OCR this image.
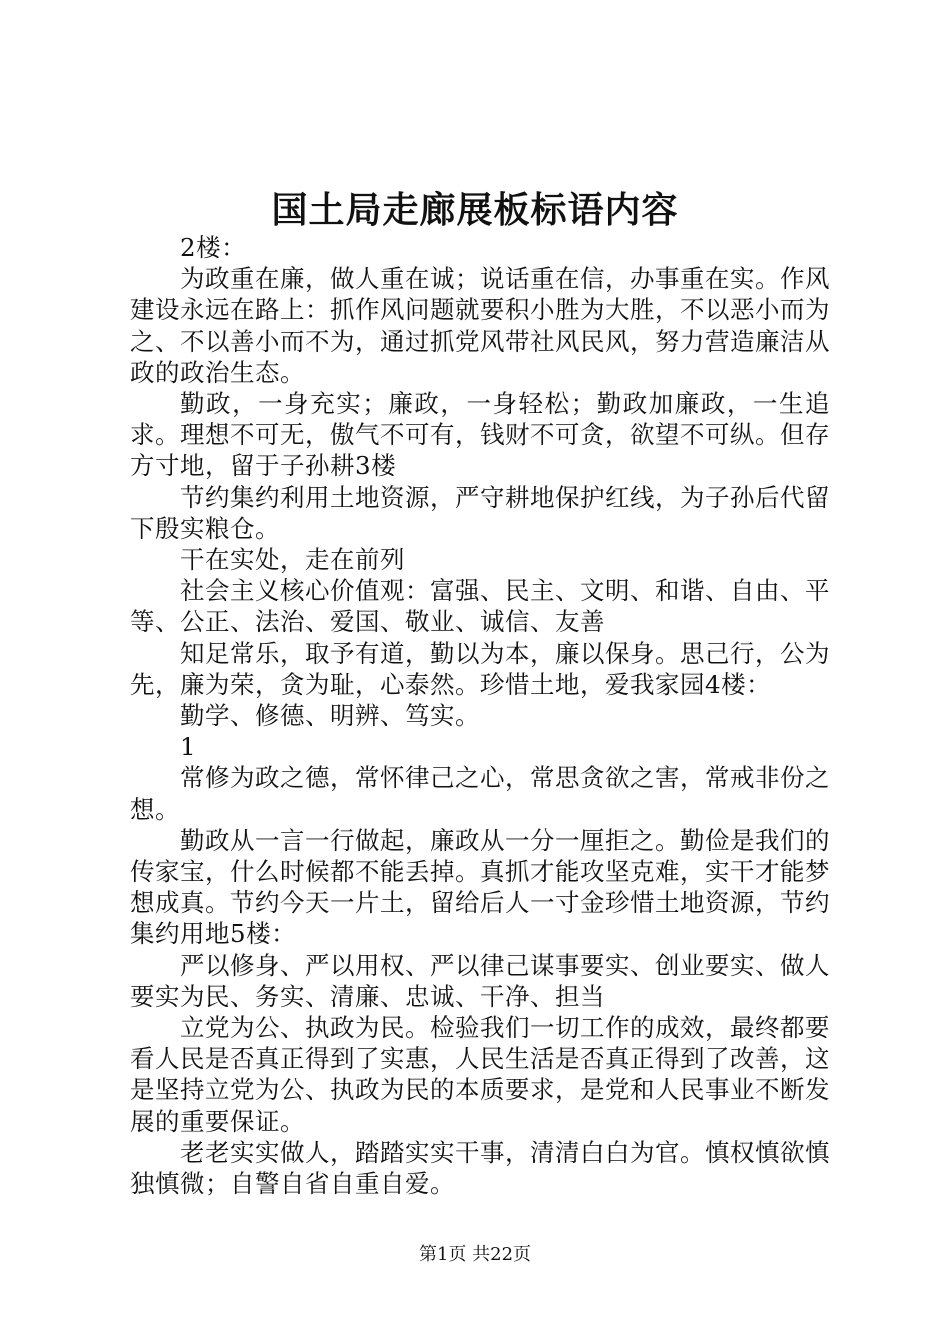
国土局走廊展板标语内容

2楼：

为政重在廉，做人重在诚；说话重在信，办事重在实。作风建设永远在路上：抓作风问题就要积小胜为大胜，不以恶小而为之、不以善小而不为，通过抓党风带社风民风，努力营造廉洁从政的政治生态。

勤政，一身充实；廉政，一身轻松；勤政加廉政，一生追求。理想不可无，傲气不可有，钱财不可贪，欲望不可纵。但存方寸地，留于子孙耕3楼

节约集约利用土地资源，严守耕地保护红线，为子孙后代留下殷实粮仓。

干在实处，走在前列

社会主义核心价值观：富强、民主、文明、和谐、自由、平等、公正、法治、爱国、敬业、诚信、友善

知足常乐，取予有道，勤以为本，廉以保身。思己行，公为先，廉为荣，贪为耻，心泰然。珍惜土地，爱我家园4楼：

勤学、修德、明辨、笃实。

1

常修为政之德，常怀律己之心，常思贪欲之害，常戒非份之想。

勤政从一言一行做起，廉政从一分一厘拒之。勤俭是我们的传家宝，什么时候都不能丢掉。真抓才能攻坚克难，实干才能梦想成真。节约今天一片土，留给后人一寸金珍惜土地资源，节约集约用地5楼：

严以修身、严以用权、严以律己谋事要实、创业要实、做人要实为民、务实、清廉、忠诚、干净、担当

立党为公、执政为民。检验我们一切工作的成效，最终都要看人民是否真正得到了实惠，人民生活是否真正得到了改善，这是坚持立党为公、执政为民的本质要求，是党和人民事业不断发展的重要保证。

老老实实做人，踏踏实实干事，清清白白为官。慎权慎欲慎独慎微；自警自省自重自爱。

第1页 共22页
